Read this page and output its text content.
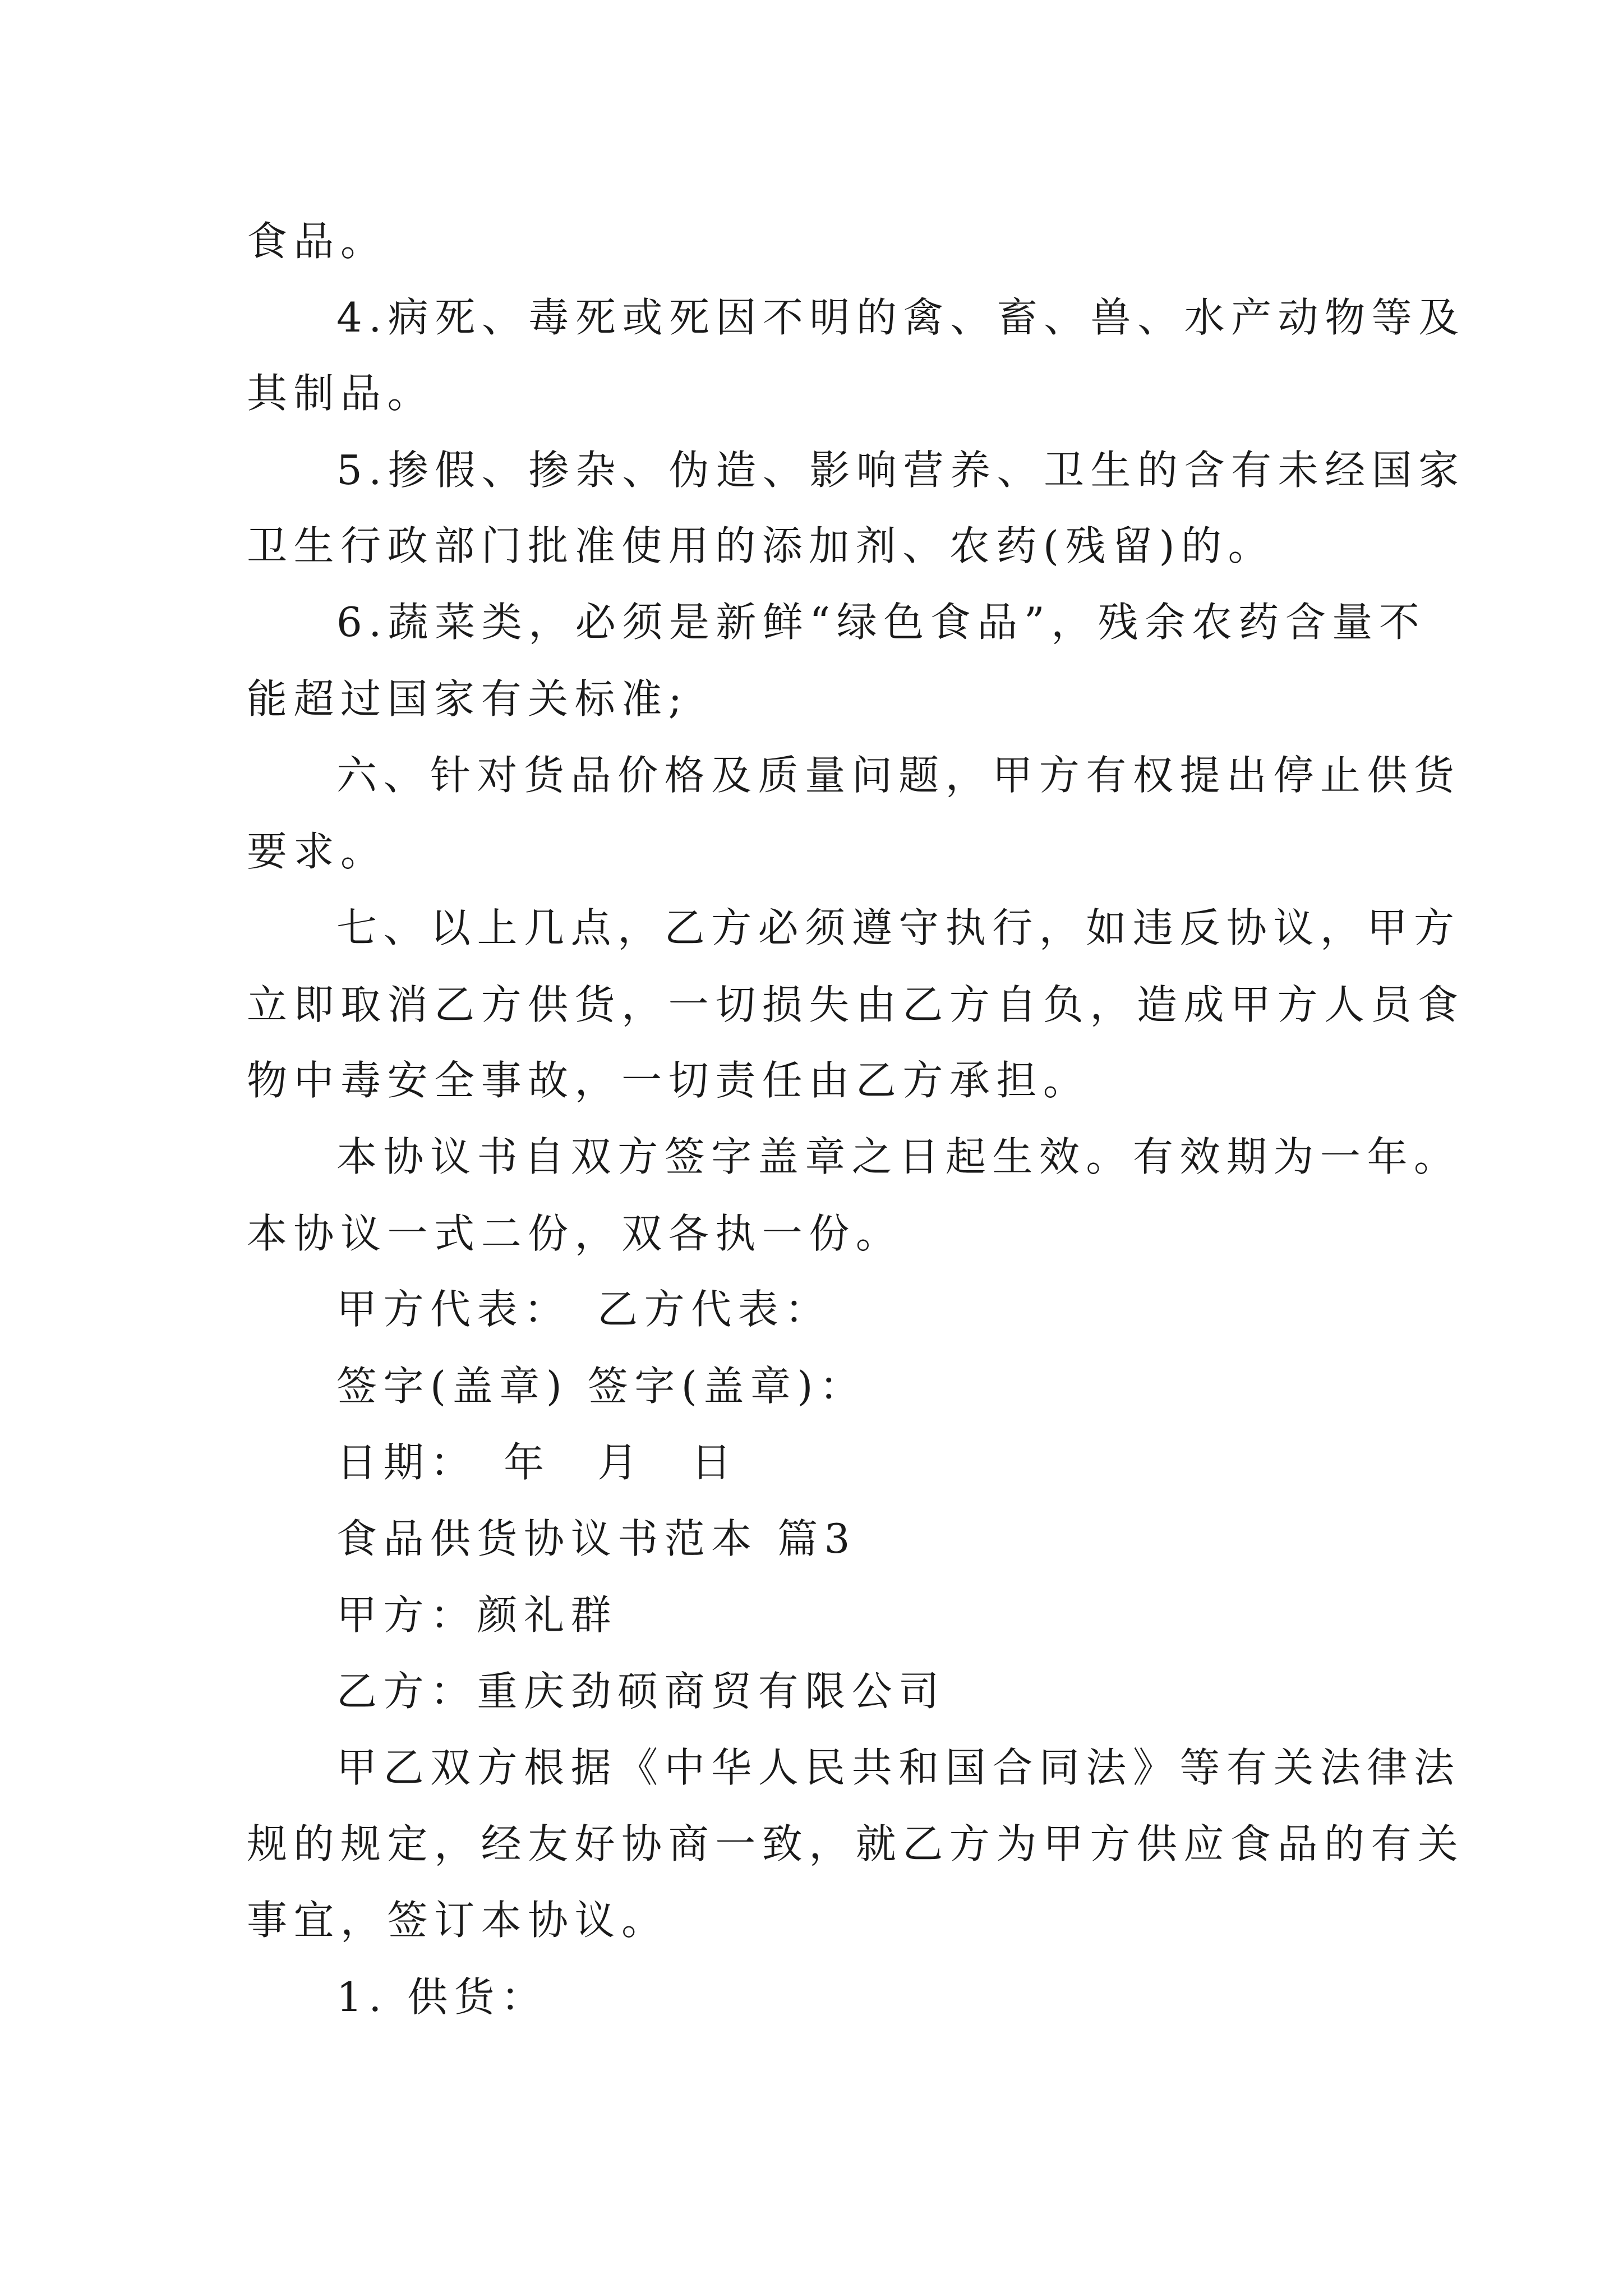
食品。
4.病死、毒死或死因不明的禽、畜、兽、水产动物等及
其制品。
5.掺假、掺杂、伪造、影响营养、卫生的含有未经国家
卫生行政部门批准使用的添加剂、农药(残留)的。
6.蔬菜类，必须是新鲜“绿色食品”，残余农药含量不
能超过国家有关标准;
六、针对货品价格及质量问题，甲方有权提出停止供货
要求。
七、以上几点，乙方必须遵守执行，如违反协议，甲方
立即取消乙方供货，一切损失由乙方自负，造成甲方人员食
物中毒安全事故，一切责任由乙方承担。
本协议书自双方签字盖章之日起生效。有效期为一年。
本协议一式二份，双各执一份。
甲方代表：　乙方代表：
签字(盖章) 签字(盖章)：
日期：　年　月　日
食品供货协议书范本 篇3
甲方：颜礼群
乙方：重庆劲硕商贸有限公司
甲乙双方根据《中华人民共和国合同法》等有关法律法
规的规定，经友好协商一致，就乙方为甲方供应食品的有关
事宜，签订本协议。
1. 供货：
